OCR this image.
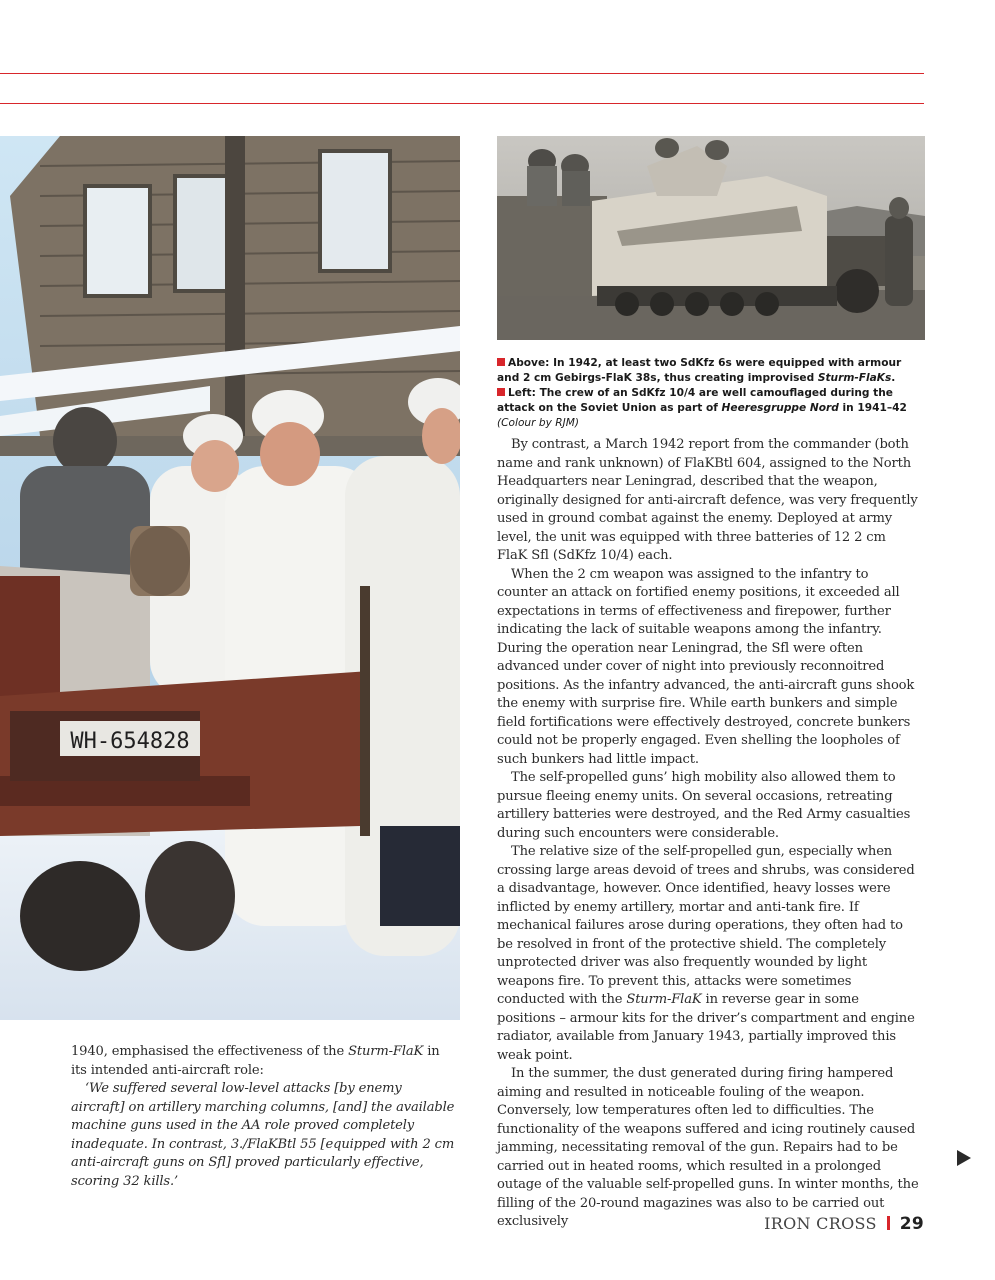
WH-654828

Above: In 1942, at least two SdKfz 6s were equipped with armour and 2 cm Gebirgs-FlaK 38s, thus creating improvised Sturm-FlaKs.

Left: The crew of an SdKfz 10/4 are well camouflaged during the attack on the Soviet Union as part of Heeresgruppe Nord in 1941–42 (Colour by RJM)

By contrast, a March 1942 report from the commander (both name and rank unknown) of FlaKBtl 604, assigned to the North Headquarters near Leningrad, described that the weapon, originally designed for anti-aircraft defence, was very frequently used in ground combat against the enemy. Deployed at army level, the unit was equipped with three batteries of 12 2 cm FlaK Sfl (SdKfz 10/4) each.

When the 2 cm weapon was assigned to the infantry to counter an attack on fortified enemy positions, it exceeded all expectations in terms of effectiveness and firepower, further indicating the lack of suitable weapons among the infantry. During the operation near Leningrad, the Sfl were often advanced under cover of night into previously reconnoitred positions. As the infantry advanced, the anti-aircraft guns shook the enemy with surprise fire. While earth bunkers and simple field fortifications were effectively destroyed, concrete bunkers could not be properly engaged. Even shelling the loopholes of such bunkers had little impact.

The self-propelled guns’ high mobility also allowed them to pursue fleeing enemy units. On several occasions, retreating artillery batteries were destroyed, and the Red Army casualties during such encounters were considerable.

The relative size of the self-propelled gun, especially when crossing large areas devoid of trees and shrubs, was considered a disadvantage, however. Once identified, heavy losses were inflicted by enemy artillery, mortar and anti-tank fire. If mechanical failures arose during operations, they often had to be resolved in front of the protective shield. The completely unprotected driver was also frequently wounded by light weapons fire. To prevent this, attacks were sometimes conducted with the Sturm-FlaK in reverse gear in some positions – armour kits for the driver’s compartment and engine radiator, available from January 1943, partially improved this weak point.

In the summer, the dust generated during firing hampered aiming and resulted in noticeable fouling of the weapon. Conversely, low temperatures often led to difficulties. The functionality of the weapons suffered and icing routinely caused jamming, necessitating removal of the gun. Repairs had to be carried out in heated rooms, which resulted in a prolonged outage of the valuable self-propelled guns. In winter months, the filling of the 20-round magazines was also to be carried out exclusively

1940, emphasised the effectiveness of the Sturm-FlaK in its intended anti-aircraft role:

‘We suffered several low-level attacks [by enemy aircraft] on artillery marching columns, [and] the available machine guns used in the AA role proved completely inadequate. In contrast, 3./FlaKBtl 55 [equipped with 2 cm anti-aircraft guns on Sfl] proved particularly effective, scoring 32 kills.’

IRON CROSS 29
